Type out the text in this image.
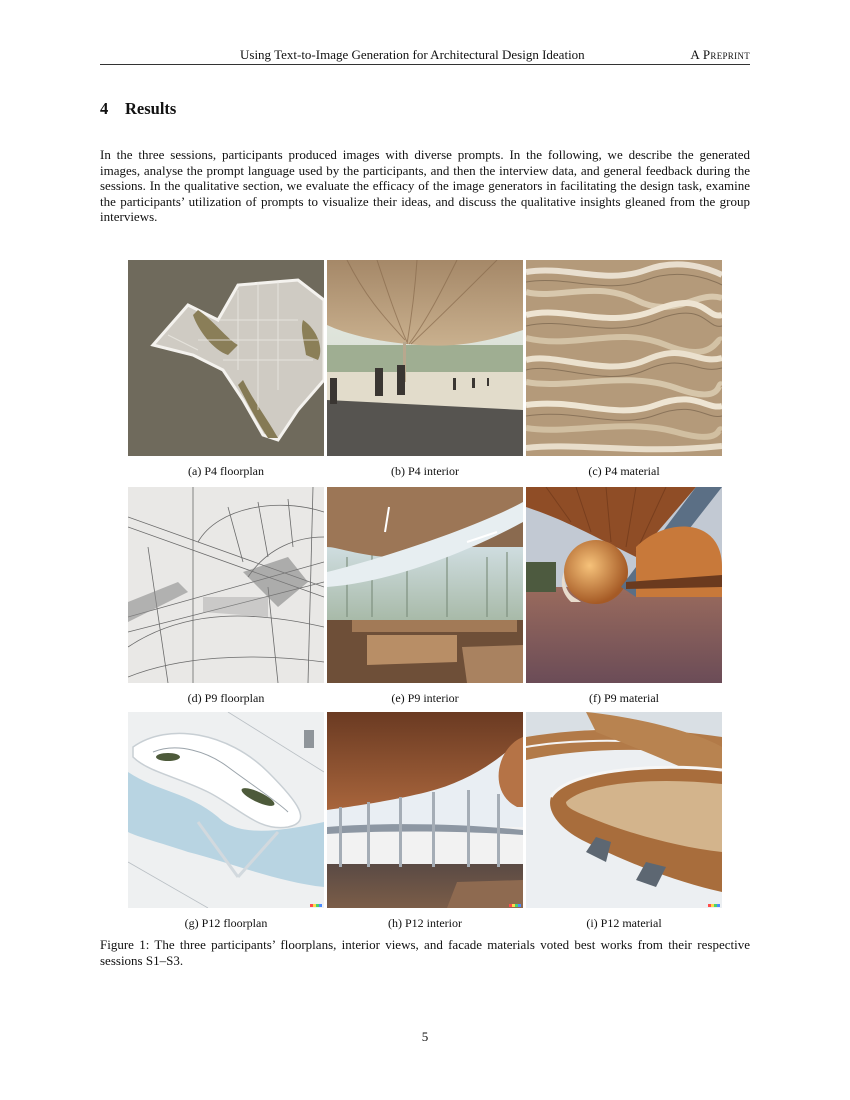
Using Text-to-Image Generation for Architectural Design Ideation	A Preprint
4 Results
In the three sessions, participants produced images with diverse prompts. In the following, we describe the generated images, analyse the prompt language used by the participants, and then the interview data, and general feedback during the sessions. In the qualitative section, we evaluate the efficacy of the image generators in facilitating the design task, examine the participants’ utilization of prompts to visualize their ideas, and discuss the qualitative insights gleaned from the group interviews.
(a) P4 floorplan	(b) P4 interior	(c) P4 material
(d) P9 floorplan	(e) P9 interior	(f) P9 material
(g) P12 floorplan	(h) P12 interior	(i) P12 material
Figure 1: The three participants’ floorplans, interior views, and facade materials voted best works from their respective sessions S1–S3.
5
